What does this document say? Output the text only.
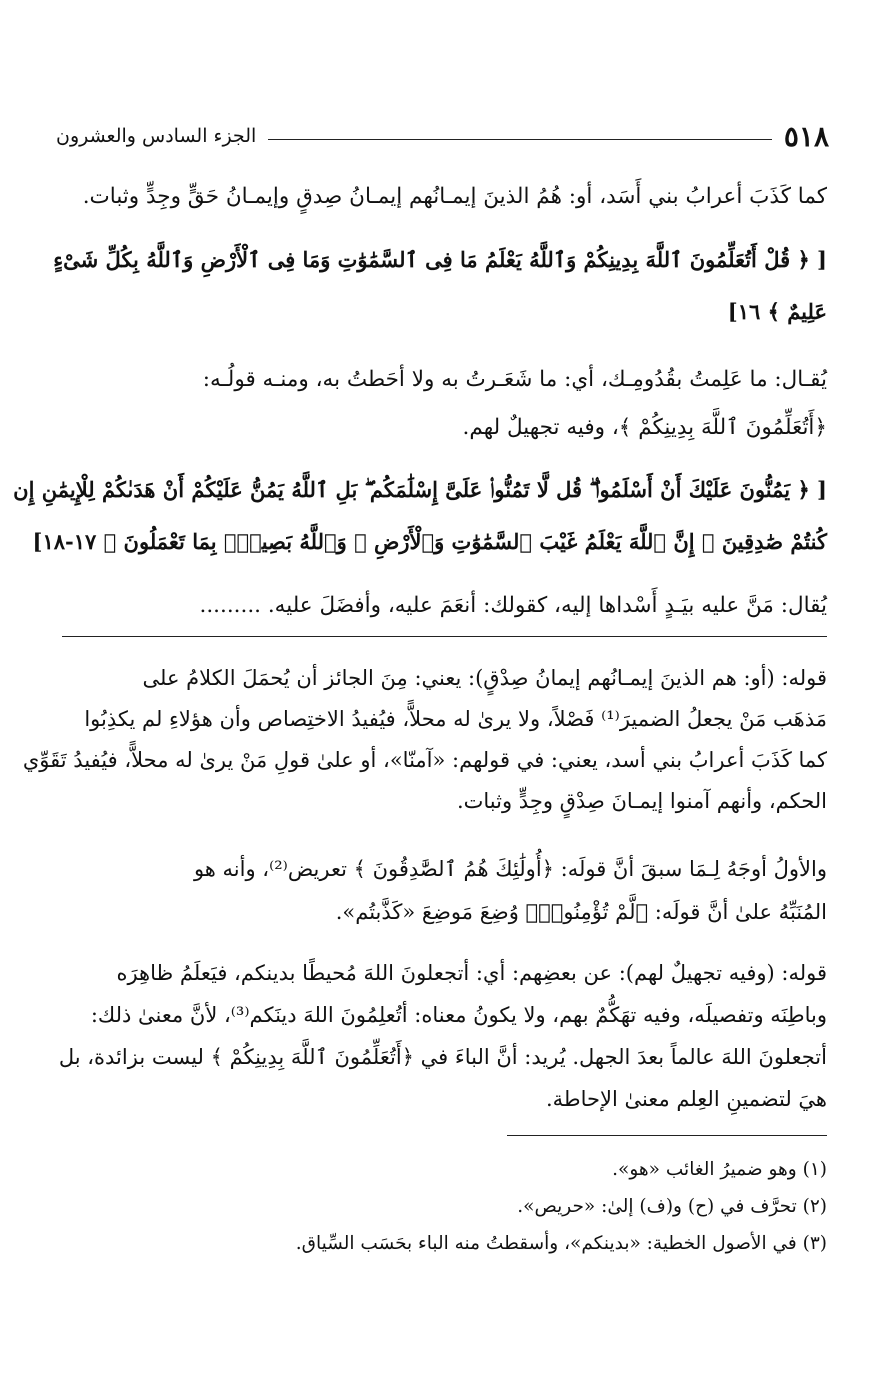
٥١٨
الجزء السادس والعشرون
كما كَذَبَ أعرابُ بني أَسَد، أو: هُمُ الذينَ إيمـانُهم إيمـانُ صِدقٍ وإيمـانُ حَقٍّ وجِدٍّ وثبات.
[ ﴿ قُلْ أَتُعَلِّمُونَ ٱللَّهَ بِدِينِكُمْ وَٱللَّهُ يَعْلَمُ مَا فِى ٱلسَّمَٰوَٰتِ وَمَا فِى ٱلْأَرْضِ وَٱللَّهُ بِكُلِّ شَىْءٍ
عَلِيمٌ ﴾ ١٦]
يُقـال: ما عَلِمتُ بقُدُومِـك، أي: ما شَعَـرتُ به ولا أحَطتُ به، ومنـه قولُـه:
﴿أَتُعَلِّمُونَ ٱللَّهَ بِدِينِكُمْ ﴾، وفيه تجهيلٌ لهم.
[ ﴿ يَمُنُّونَ عَلَيْكَ أَنْ أَسْلَمُوا۟ ۖ قُل لَّا تَمُنُّوا۟ عَلَىَّ إِسْلَٰمَكُم ۖ بَلِ ٱللَّهُ يَمُنُّ عَلَيْكُمْ أَنْ هَدَىٰكُمْ لِلْإِيمَٰنِ إِن
كُنتُمْ صَٰدِقِينَ ۞ إِنَّ ٱللَّهَ يَعْلَمُ غَيْبَ ٱلسَّمَٰوَٰتِ وَٱلْأَرْضِ ۚ وَٱللَّهُ بَصِيرٌۢ بِمَا تَعْمَلُونَ ﴾ ١٧-١٨]
يُقال: مَنَّ عليه بيَـدٍ أَسْداها إليه، كقولك: أنعَمَ عليه، وأفضَلَ عليه. .........
قوله: (أو: هم الذينَ إيمـانُهم إيمانُ صِدْقٍ): يعني: مِنَ الجائز أن يُحمَلَ الكلامُ على
مَذهَب مَنْ يجعلُ الضميرَ⁽¹⁾ فَصْلاً، ولا يرىٰ له محلاًّ، فيُفيدُ الاختِصاص وأن هؤلاءِ لم يكذِبُوا
كما كَذَبَ أعرابُ بني أسد، يعني: في قولهم: «آمنّا»، أو علىٰ قولِ مَنْ يرىٰ له محلاًّ، فيُفيدُ تَقَوِّي
الحكم، وأنهم آمنوا إيمـانَ صِدْقٍ وجِدٍّ وثبات.
والأولُ أوجَهُ لِـمَا سبقَ أنَّ قولَه: ﴿أُولَٰئِكَ هُمُ ٱلصَّٰدِقُونَ ﴾ تعريض⁽²⁾، وأنه هو
المُنَبِّهُ علىٰ أنَّ قولَه: ﴿لَّمْ تُؤْمِنُوا۟﴾ وُضِعَ مَوضِعَ «كَذَّبتُم».
قوله: (وفيه تجهيلٌ لهم): عن بعضِهم: أي: أتجعلونَ اللهَ مُحيطًا بدينكم، فيَعلَمُ ظاهِرَه
وباطِنَه وتفصيلَه، وفيه تهَكُّمٌ بهم، ولا يكونُ معناه: أتُعلِمُونَ اللهَ دينَكم⁽³⁾، لأنَّ معنىٰ ذلك:
أتجعلونَ اللهَ عالماً بعدَ الجهل. يُريد: أنَّ الباءَ في ﴿أَتُعَلِّمُونَ ٱللَّهَ بِدِينِكُمْ ﴾ ليست بزائدة، بل
هيَ لتضمينِ العِلم معنىٰ الإحاطة.
(١) وهو ضميرُ الغائب «هو».
(٢) تحرَّف في (ح) و(ف) إلىٰ: «حريص».
(٣) في الأصول الخطية: «بدينكم»، وأسقطتُ منه الباء بحَسَب السِّياق.
